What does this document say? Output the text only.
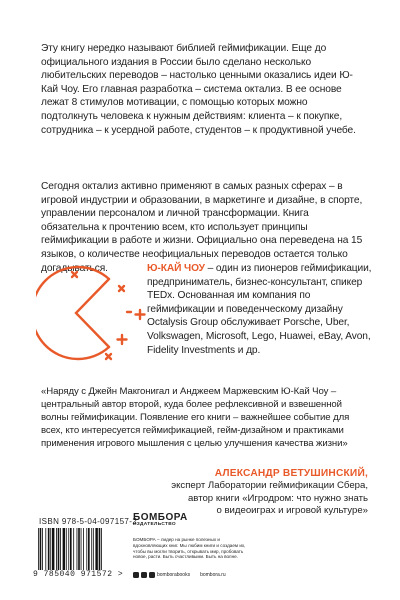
Эту книгу нередко называют библией геймификации. Еще до официального издания в России было сделано несколько любительских переводов – настолько ценными оказались идеи Ю-Кай Чоу. Его главная разработка – система октализ. В ее основе лежат 8 стимулов мотивации, с помощью которых можно подтолкнуть человека к нужным действиям: клиента – к покупке, сотрудника – к усердной работе, студентов – к продуктивной учебе.

Сегодня октализ активно применяют в самых разных сферах – в игровой индустрии и образовании, в маркетинге и дизайне, в спорте, управлении персоналом и личной трансформации. Книга обязательна к прочтению всем, кто использует принципы геймификации в работе и жизни. Официально она переведена на 15 языков, о количестве неофициальных переводов остается только догадываться.	Ю-КАЙ ЧОУ – один из пионеров геймификации, предприниматель, бизнес-консультант, спикер TEDx. Основанная им компания по геймификации и поведенческому дизайну Octalysis Group обслуживает Porsche, Uber, Volkswagen, Microsoft, Lego, Huawei, eBay, Avon, Fidelity Investments и др.

«Наряду с Джейн Макгонигал и Анджеем Маржевским Ю-Кай Чоу – центральный автор второй, куда более рефлексивной и взвешенной волны геймификации. Появление его книги – важнейшее событие для всех, кто интересуется геймификацией, гейм-дизайном и практиками применения игрового мышления с целью улучшения качества жизни»

АЛЕКСАНДР ВЕТУШИНСКИЙ,
эксперт Лаборатории геймификации Сбера,
автор книги «Игродром: что нужно знать
о видеоиграх и игровой культуре»
ISBN 978-5-04-097157-2
9 785040 971572 >
БОМБОРА
ИЗДАТЕЛЬСТВО
БОМБОРА – лидер на рынке полезных и вдохновляющих книг. Мы любим книги и создаем их, чтобы вы могли творить, открывать мир, пробовать новое, расти. Быть счастливыми. Быть на волне.
bomborabooks bombora.ru
